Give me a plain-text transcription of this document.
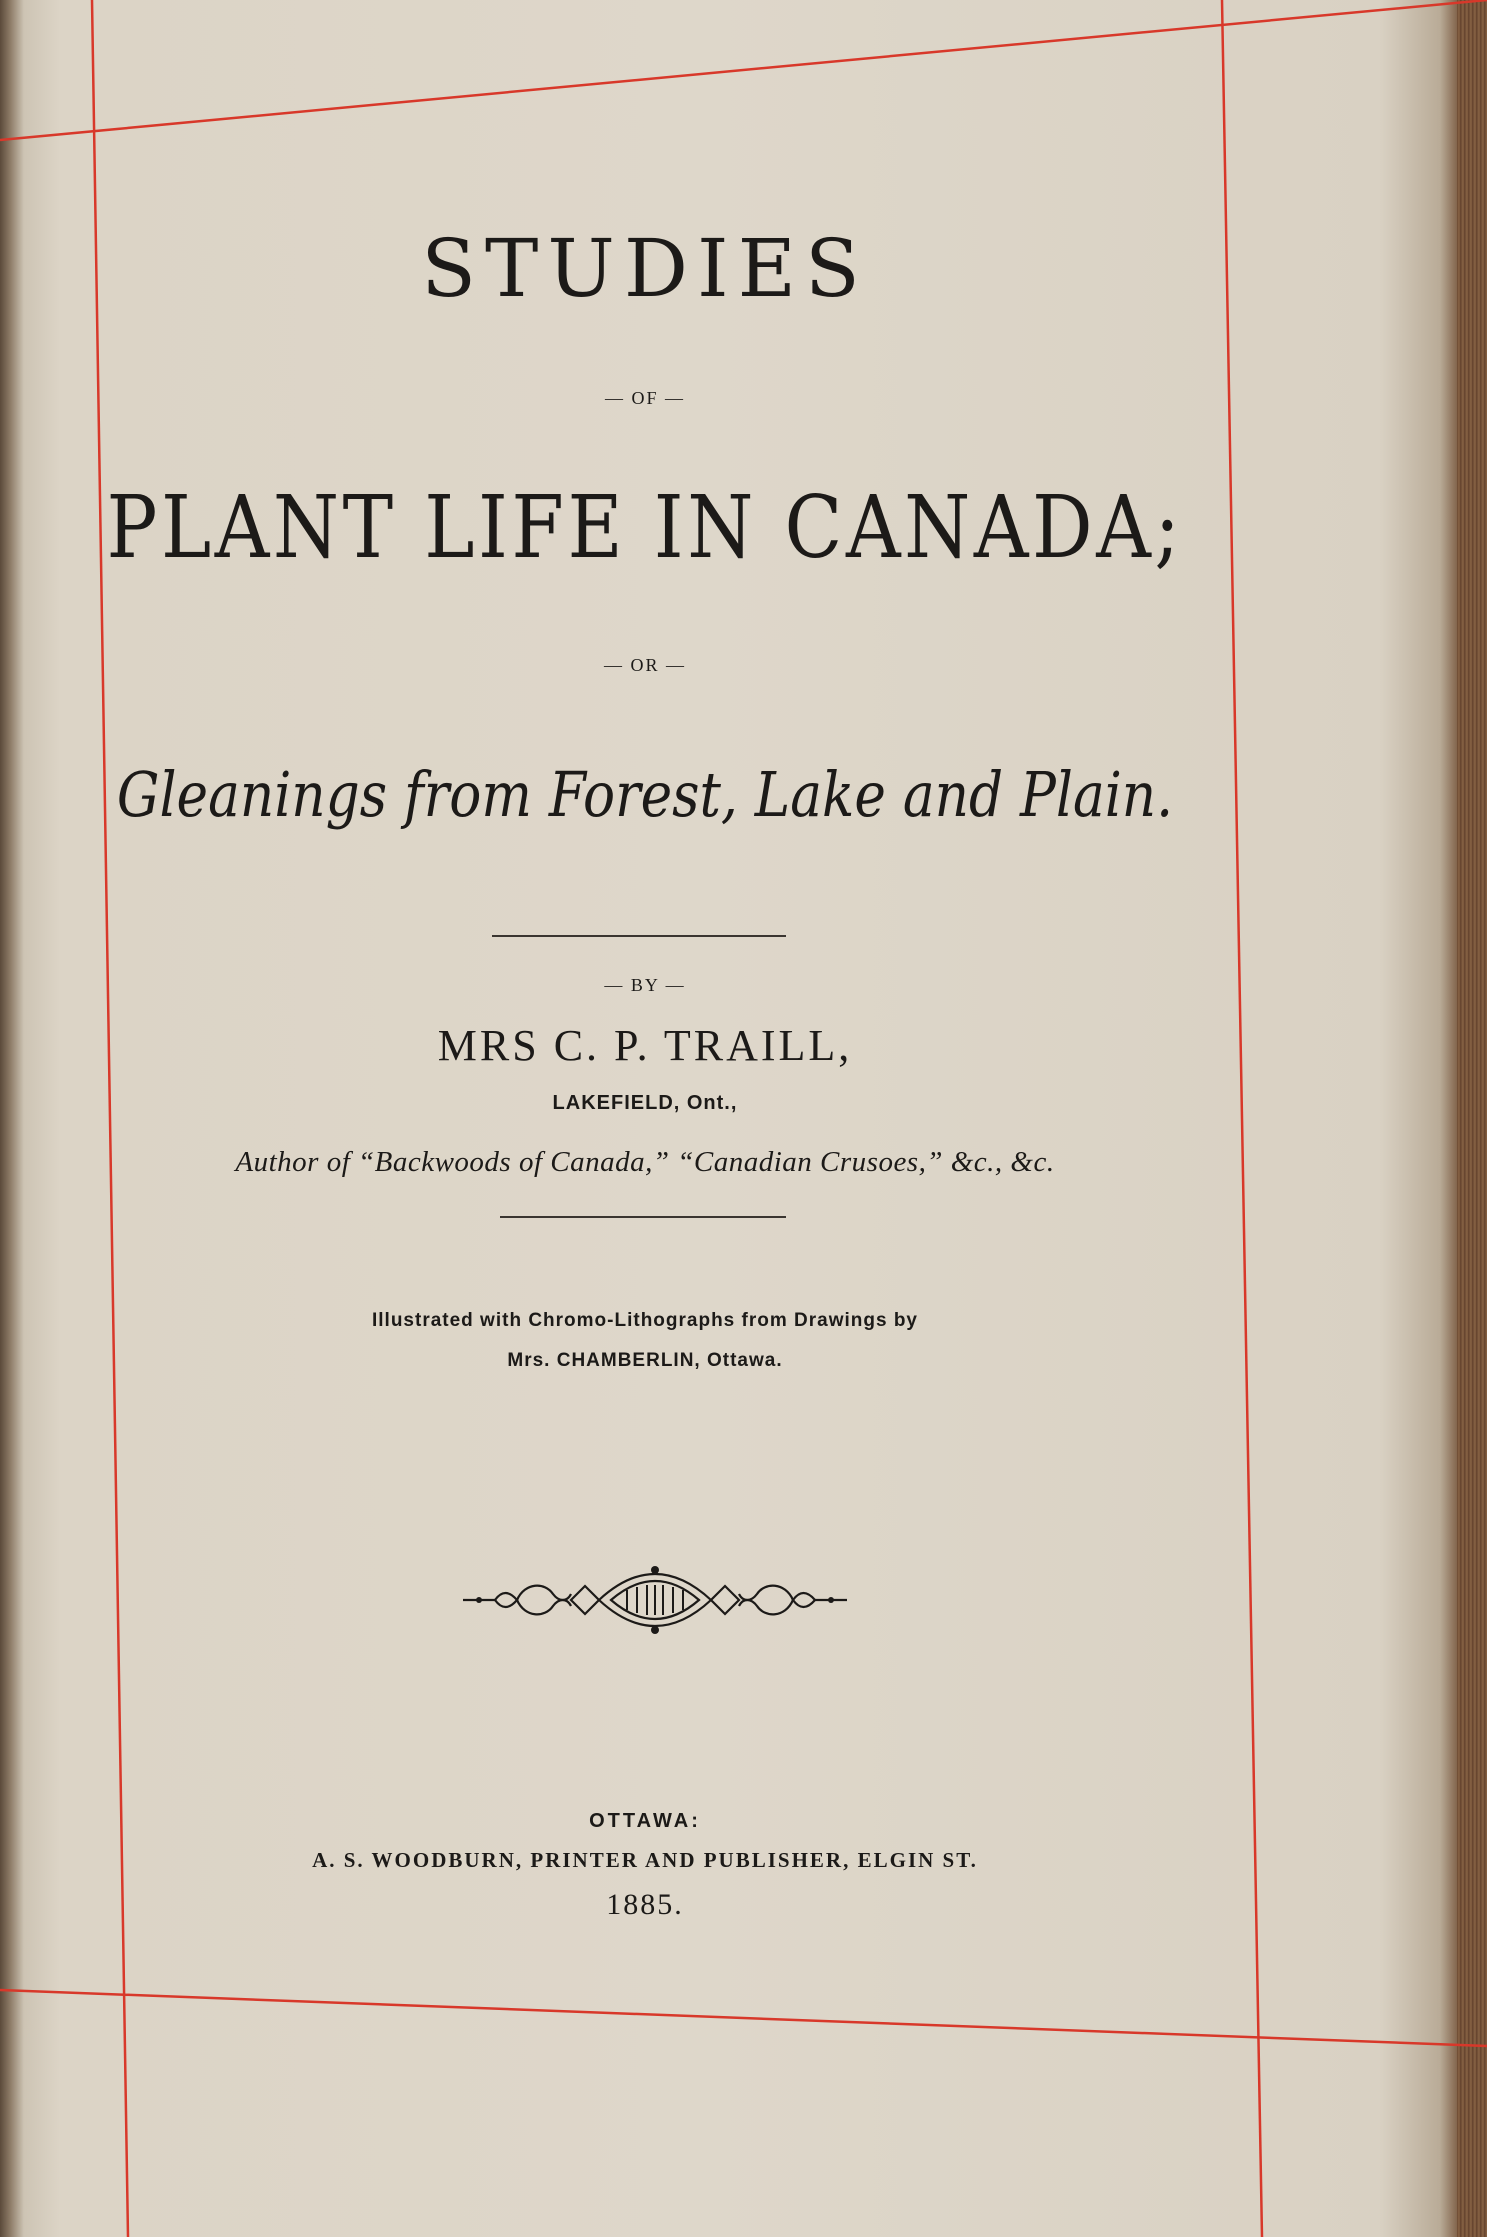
STUDIES
— OF —
PLANT LIFE IN CANADA;
— OR —
Gleanings from Forest, Lake and Plain.
— BY —
MRS C. P. TRAILL,
LAKEFIELD, Ont.,
Author of “Backwoods of Canada,” “Canadian Crusoes,” &c., &c.
Illustrated with Chromo-Lithographs from Drawings by
Mrs. CHAMBERLIN, Ottawa.
OTTAWA:
A. S. WOODBURN, PRINTER AND PUBLISHER, ELGIN ST.
1885.
